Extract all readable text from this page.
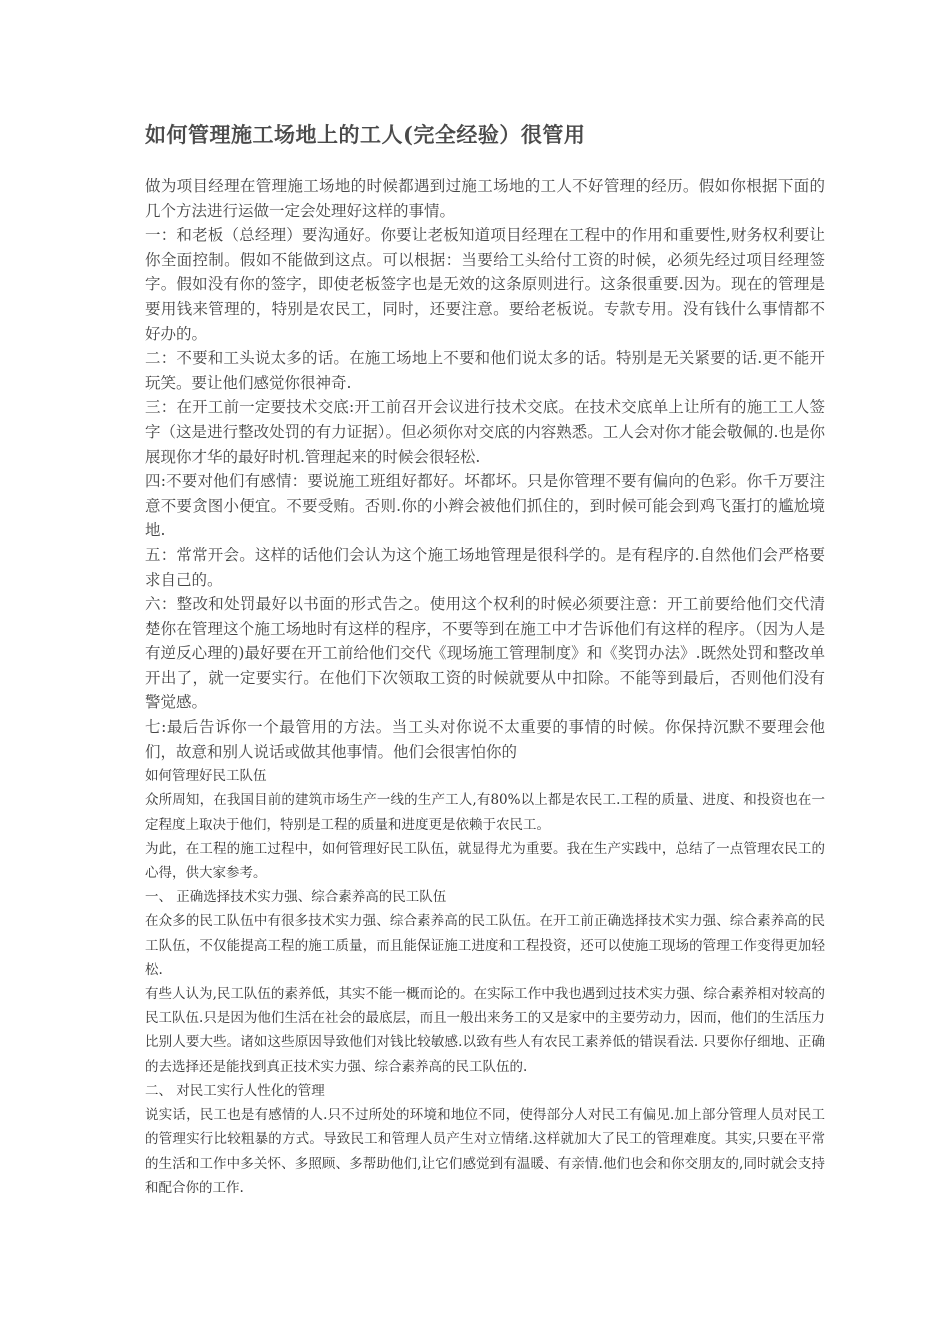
如何管理施工场地上的工人(完全经验）很管用

做为项目经理在管理施工场地的时候都遇到过施工场地的工人不好管理的经历。假如你根据下面的几个方法进行运做一定会处理好这样的事情。

一：和老板（总经理）要沟通好。你要让老板知道项目经理在工程中的作用和重要性,财务权利要让你全面控制。假如不能做到这点。可以根据：当要给工头给付工资的时候，必须先经过项目经理签字。假如没有你的签字，即使老板签字也是无效的这条原则进行。这条很重要.因为。现在的管理是要用钱来管理的，特别是农民工，同时，还要注意。要给老板说。专款专用。没有钱什么事情都不好办的。

二：不要和工头说太多的话。在施工场地上不要和他们说太多的话。特别是无关紧要的话.更不能开玩笑。要让他们感觉你很神奇.

三：在开工前一定要技术交底:开工前召开会议进行技术交底。在技术交底单上让所有的施工工人签字（这是进行整改处罚的有力证据）。但必须你对交底的内容熟悉。工人会对你才能会敬佩的.也是你展现你才华的最好时机.管理起来的时候会很轻松.

四:不要对他们有感情：要说施工班组好都好。坏都坏。只是你管理不要有偏向的色彩。你千万要注意不要贪图小便宜。不要受贿。否则.你的小辫会被他们抓住的，到时候可能会到鸡飞蛋打的尴尬境地.

五：常常开会。这样的话他们会认为这个施工场地管理是很科学的。是有程序的.自然他们会严格要求自己的。

六：整改和处罚最好以书面的形式告之。使用这个权利的时候必须要注意：开工前要给他们交代清楚你在管理这个施工场地时有这样的程序，不要等到在施工中才告诉他们有这样的程序。（因为人是有逆反心理的)最好要在开工前给他们交代《现场施工管理制度》和《奖罚办法》.既然处罚和整改单开出了，就一定要实行。在他们下次领取工资的时候就要从中扣除。不能等到最后，否则他们没有警觉感。

七:最后告诉你一个最管用的方法。当工头对你说不太重要的事情的时候。你保持沉默不要理会他们，故意和别人说话或做其他事情。他们会很害怕你的

如何管理好民工队伍

众所周知，在我国目前的建筑市场生产一线的生产工人,有80%以上都是农民工.工程的质量、进度、和投资也在一定程度上取决于他们，特别是工程的质量和进度更是依赖于农民工。

为此，在工程的施工过程中，如何管理好民工队伍，就显得尤为重要。我在生产实践中，总结了一点管理农民工的心得，供大家参考。

一、 正确选择技术实力强、综合素养高的民工队伍

在众多的民工队伍中有很多技术实力强、综合素养高的民工队伍。在开工前正确选择技术实力强、综合素养高的民工队伍，不仅能提高工程的施工质量，而且能保证施工进度和工程投资，还可以使施工现场的管理工作变得更加轻松.

有些人认为,民工队伍的素养低，其实不能一概而论的。在实际工作中我也遇到过技术实力强、综合素养相对较高的民工队伍.只是因为他们生活在社会的最底层，而且一般出来务工的又是家中的主要劳动力，因而，他们的生活压力比别人要大些。诸如这些原因导致他们对钱比较敏感.以致有些人有农民工素养低的错误看法. 只要你仔细地、正确的去选择还是能找到真正技术实力强、综合素养高的民工队伍的.

二、 对民工实行人性化的管理

说实话，民工也是有感情的人.只不过所处的环境和地位不同，使得部分人对民工有偏见.加上部分管理人员对民工的管理实行比较粗暴的方式。导致民工和管理人员产生对立情绪.这样就加大了民工的管理难度。其实,只要在平常的生活和工作中多关怀、多照顾、多帮助他们,让它们感觉到有温暖、有亲情.他们也会和你交朋友的,同时就会支持和配合你的工作.
